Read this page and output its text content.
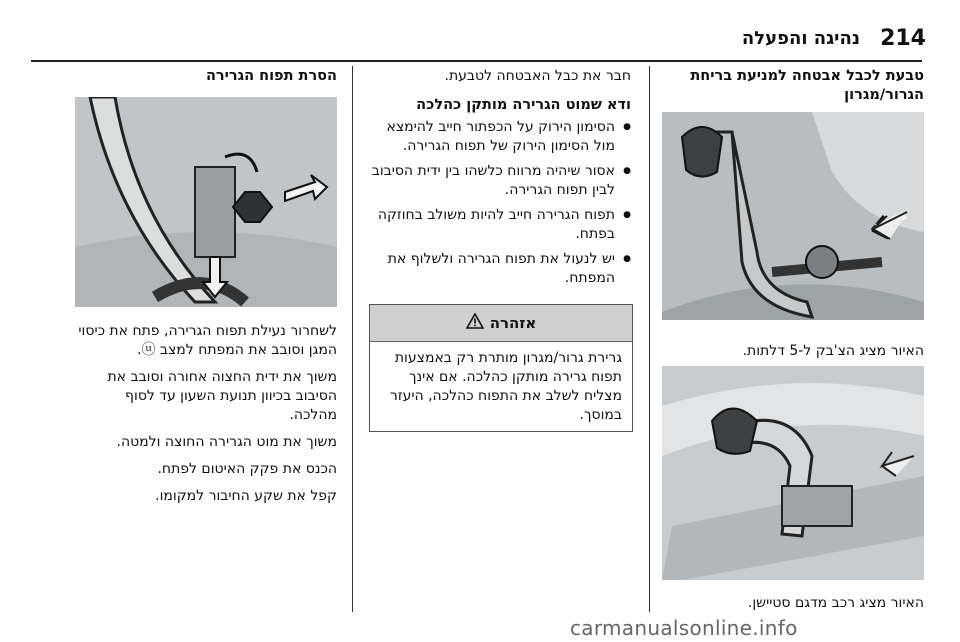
214
נהיגה והפעלה

טבעת לכבל אבטחה למניעת בריחת הגרור/מגרון

האיור מציג הצ'בק ל-5 דלתות.

האיור מציג רכב מדגם סטיישן.

חבר את כבל האבטחה לטבעת.

ודא שמוט הגרירה מותקן כהלכה

● הסימון הירוק על הכפתור חייב להימצא מול הסימון הירוק של תפוח הגרירה.
● אסור שיהיה מרווח כלשהו בין ידית הסיבוב לבין תפוח הגרירה.
● תפוח הגרירה חייב להיות משולב בחוזקה בפתח.
● יש לנעול את תפוח הגרירה ולשלוף את המפתח.
אזהרה
גרירת גרור/מגרון מותרת רק באמצעות תפוח גרירה מותקן כהלכה. אם אינך מצליח לשלב את התפוח כהלכה, היעזר במוסך.

הסרת תפוח הגרירה

לשחרור נעילת תפוח הגרירה, פתח את כיסוי המגן וסובב את המפתח למצב ⓤ.

משוך את ידית החצוה אחורה וסובב את הסיבוב בכיוון תנועת השעון עד לסוף מהלכה.

משוך את מוט הגרירה החוצה ולמטה.

הכנס את פקק האיטום לפתח.

קפל את שקע החיבור למקומו.

carmanualsonline.info
